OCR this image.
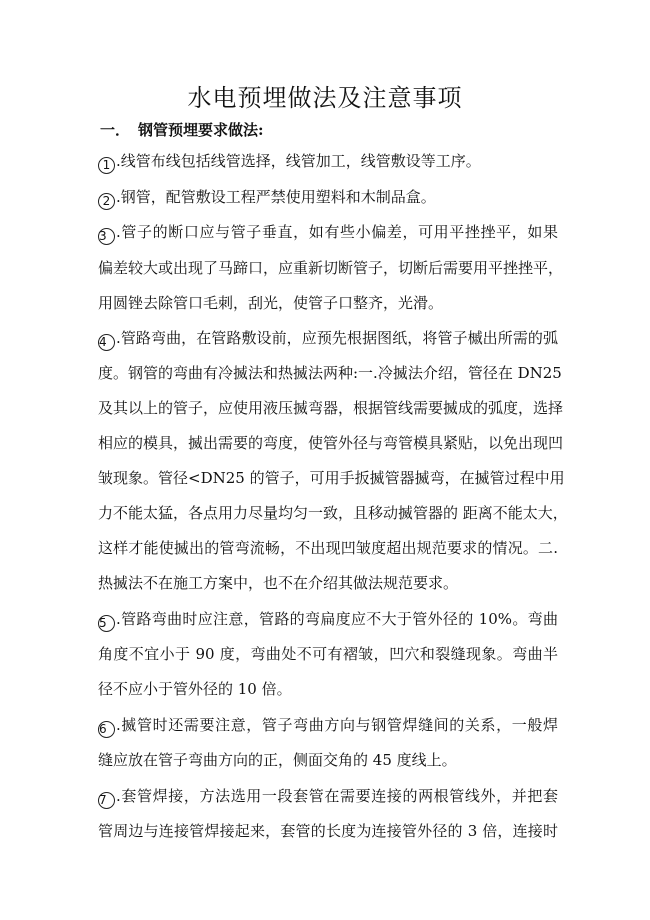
水电预埋做法及注意事项
一． 钢管预埋要求做法:
1 .线管布线包括线管选择，线管加工，线管敷设等工序。
2 .钢管，配管敷设工程严禁使用塑料和木制品盒。
3 .管子的断口应与管子垂直，如有些小偏差，可用平挫挫平，如果
偏差较大或出现了马蹄口，应重新切断管子，切断后需要用平挫挫平，
用圆锉去除管口毛刺，刮光，使管子口整齐，光滑。
4 .管路弯曲，在管路敷设前，应预先根据图纸，将管子槭出所需的弧
度。钢管的弯曲有冷揻法和热揻法两种:一.冷揻法介绍，管径在 DN25
及其以上的管子，应使用液压揻弯器，根据管线需要揻成的弧度，选择
相应的模具，揻出需要的弯度，使管外径与弯管模具紧贴，以免出现凹
皱现象。管径<DN25 的管子，可用手扳揻管器揻弯，在揻管过程中用
力不能太猛，各点用力尽量均匀一致，且移动揻管器的 距离不能太大，
这样才能使揻出的管弯流畅，不出现凹皱度超出规范要求的情况。二.
热揻法不在施工方案中，也不在介绍其做法规范要求。
5 .管路弯曲时应注意，管路的弯扁度应不大于管外径的 10%。弯曲
角度不宜小于 90 度，弯曲处不可有褶皱，凹穴和裂缝现象。弯曲半
径不应小于管外径的 10 倍。
6 .揻管时还需要注意，管子弯曲方向与钢管焊缝间的关系，一般焊
缝应放在管子弯曲方向的正，侧面交角的 45 度线上。
7 .套管焊接，方法选用一段套管在需要连接的两根管线外，并把套
管周边与连接管焊接起来，套管的长度为连接管外径的 3 倍，连接时
